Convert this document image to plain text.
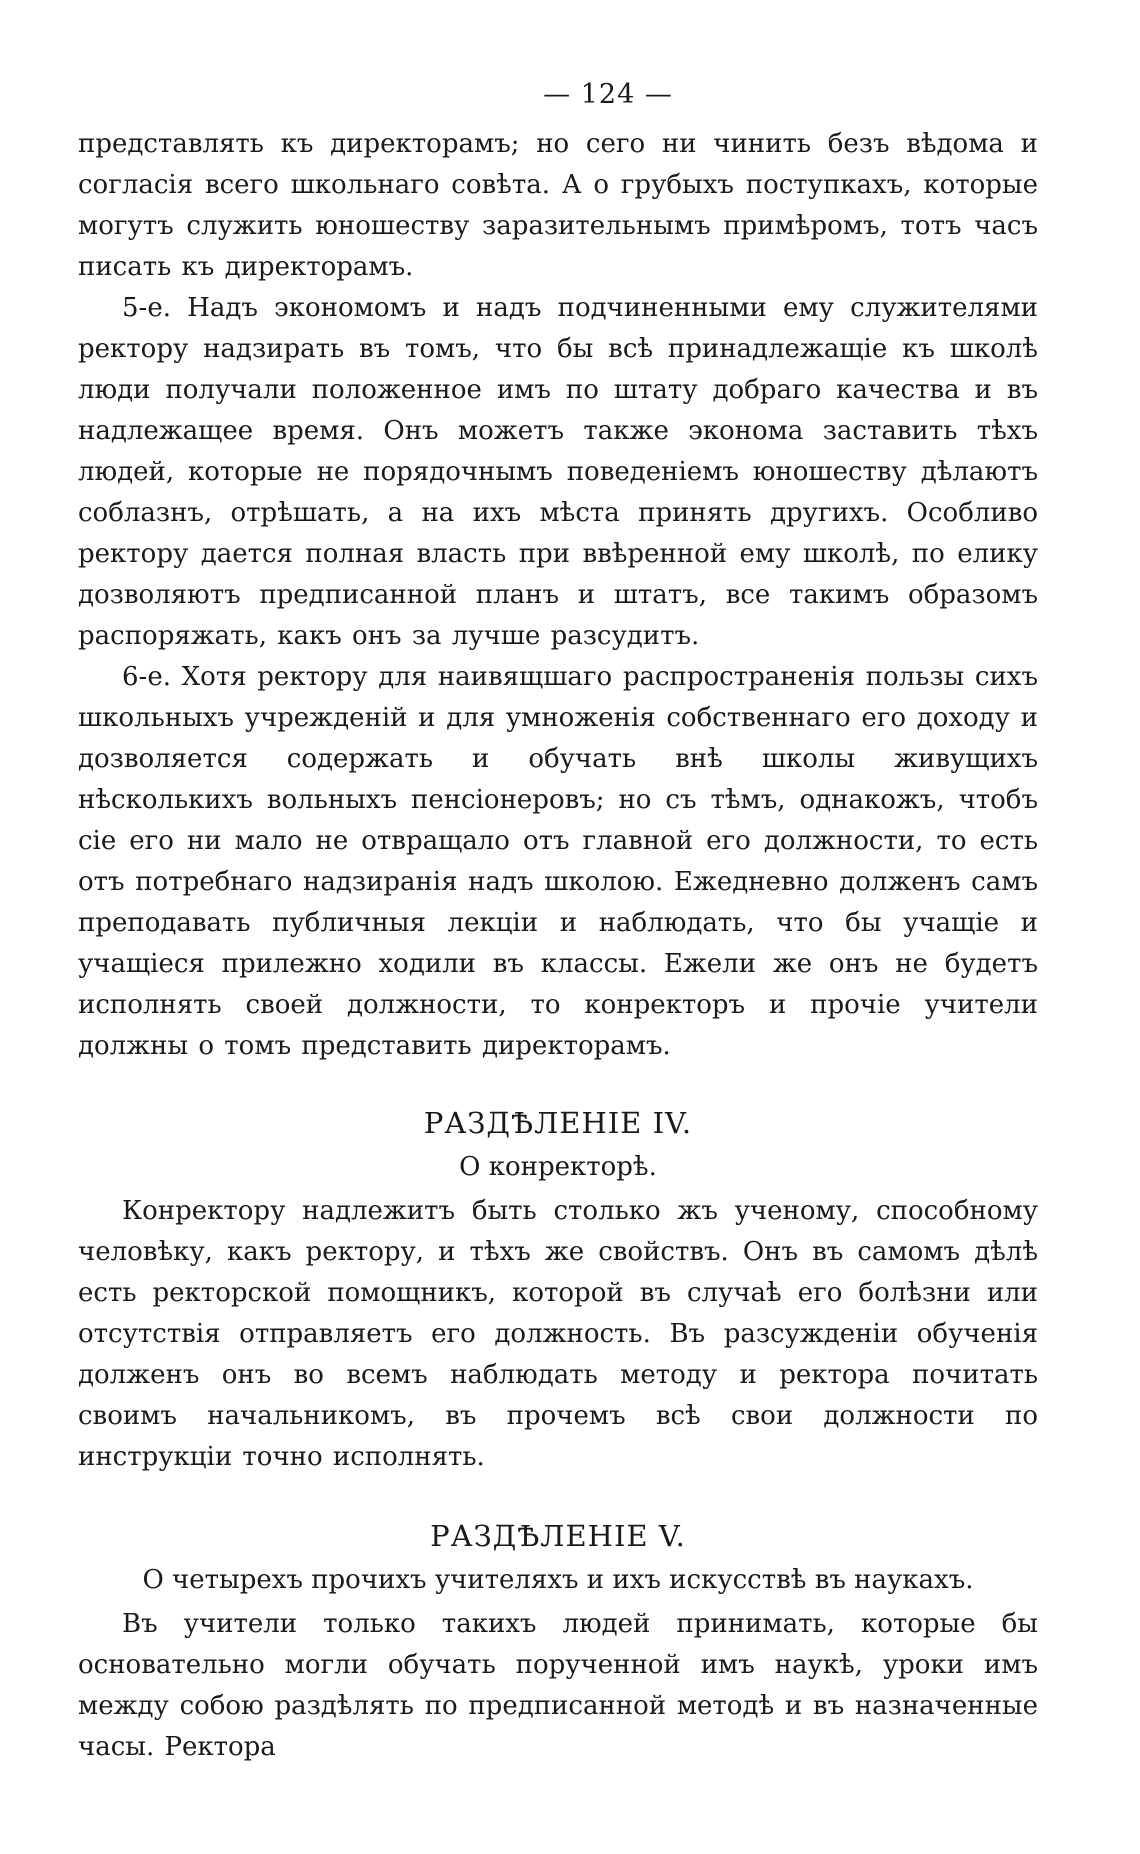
— 124 —

представлять къ директорамъ; но сего ни чинить безъ вѣдома и согласія всего школьнаго совѣта. А о грубыхъ поступкахъ, которые могутъ служить юношеству заразительнымъ примѣромъ, тотъ часъ писать къ директорамъ.

5-е. Надъ экономомъ и надъ подчиненными ему служителями ректору надзирать въ томъ, что бы всѣ принадлежащіе къ школѣ люди получали положенное имъ по штату добраго качества и въ надлежащее время. Онъ можетъ также эконома заставить тѣхъ людей, которые не порядочнымъ поведеніемъ юношеству дѣлаютъ соблазнъ, отрѣшать, а на ихъ мѣста принять другихъ. Особливо ректору дается полная власть при ввѣренной ему школѣ, по елику дозволяютъ предписанной планъ и штатъ, все такимъ образомъ распоряжать, какъ онъ за лучше разсудитъ.

6-е. Хотя ректору для наивящшаго распространенія пользы сихъ школьныхъ учрежденій и для умноженія собственнаго его доходу и дозволяется содержать и обучать внѣ школы живущихъ нѣсколькихъ вольныхъ пенсіонеровъ; но съ тѣмъ, однакожъ, чтобъ сіе его ни мало не отвращало отъ главной его должности, то есть отъ потребнаго надзиранія надъ школою. Ежедневно долженъ самъ преподавать публичныя лекціи и наблюдать, что бы учащіе и учащіеся прилежно ходили въ классы. Ежели же онъ не будетъ исполнять своей должности, то конректоръ и прочіе учители должны о томъ представить директорамъ.

РАЗДѢЛЕНІЕ IV.
О конректорѣ.

Конректору надлежитъ быть столько жъ ученому, способному человѣку, какъ ректору, и тѣхъ же свойствъ. Онъ въ самомъ дѣлѣ есть ректорской помощникъ, которой въ случаѣ его болѣзни или отсутствія отправляетъ его должность. Въ разсужденіи обученія долженъ онъ во всемъ наблюдать методу и ректора почитать своимъ начальникомъ, въ прочемъ всѣ свои должности по инструкціи точно исполнять.

РАЗДѢЛЕНІЕ V.
О четырехъ прочихъ учителяхъ и ихъ искусствѣ въ наукахъ.

Въ учители только такихъ людей принимать, которые бы основательно могли обучать порученной имъ наукѣ, уроки имъ между собою раздѣлять по предписанной методѣ и въ назначенные часы. Ректора
